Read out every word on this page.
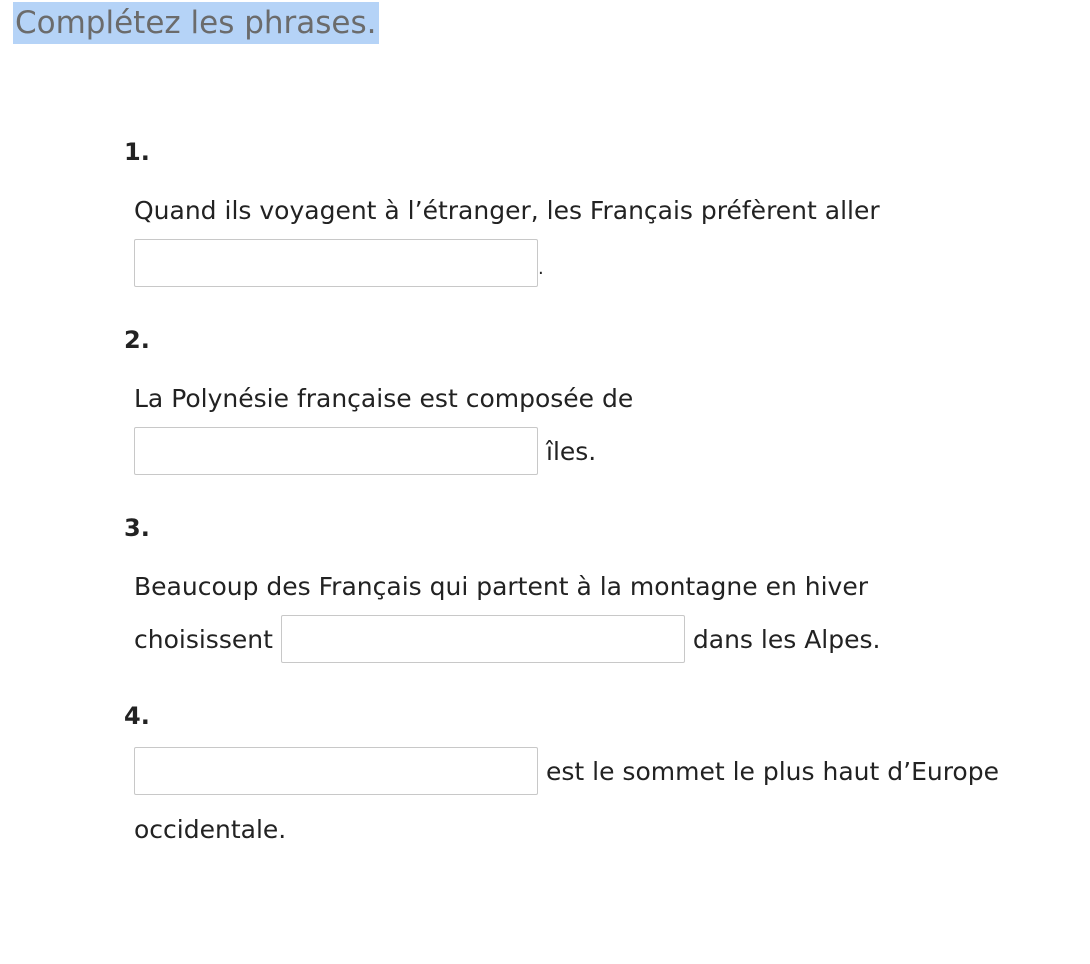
Complétez les phrases.
1.
Quand ils voyagent à l’étranger, les Français préfèrent aller
.
2.
La Polynésie française est composée de
îles.
3.
Beaucoup des Français qui partent à la montagne en hiver
choisissent	dans les Alpes.
4.
est le sommet le plus haut d’Europe
occidentale.
